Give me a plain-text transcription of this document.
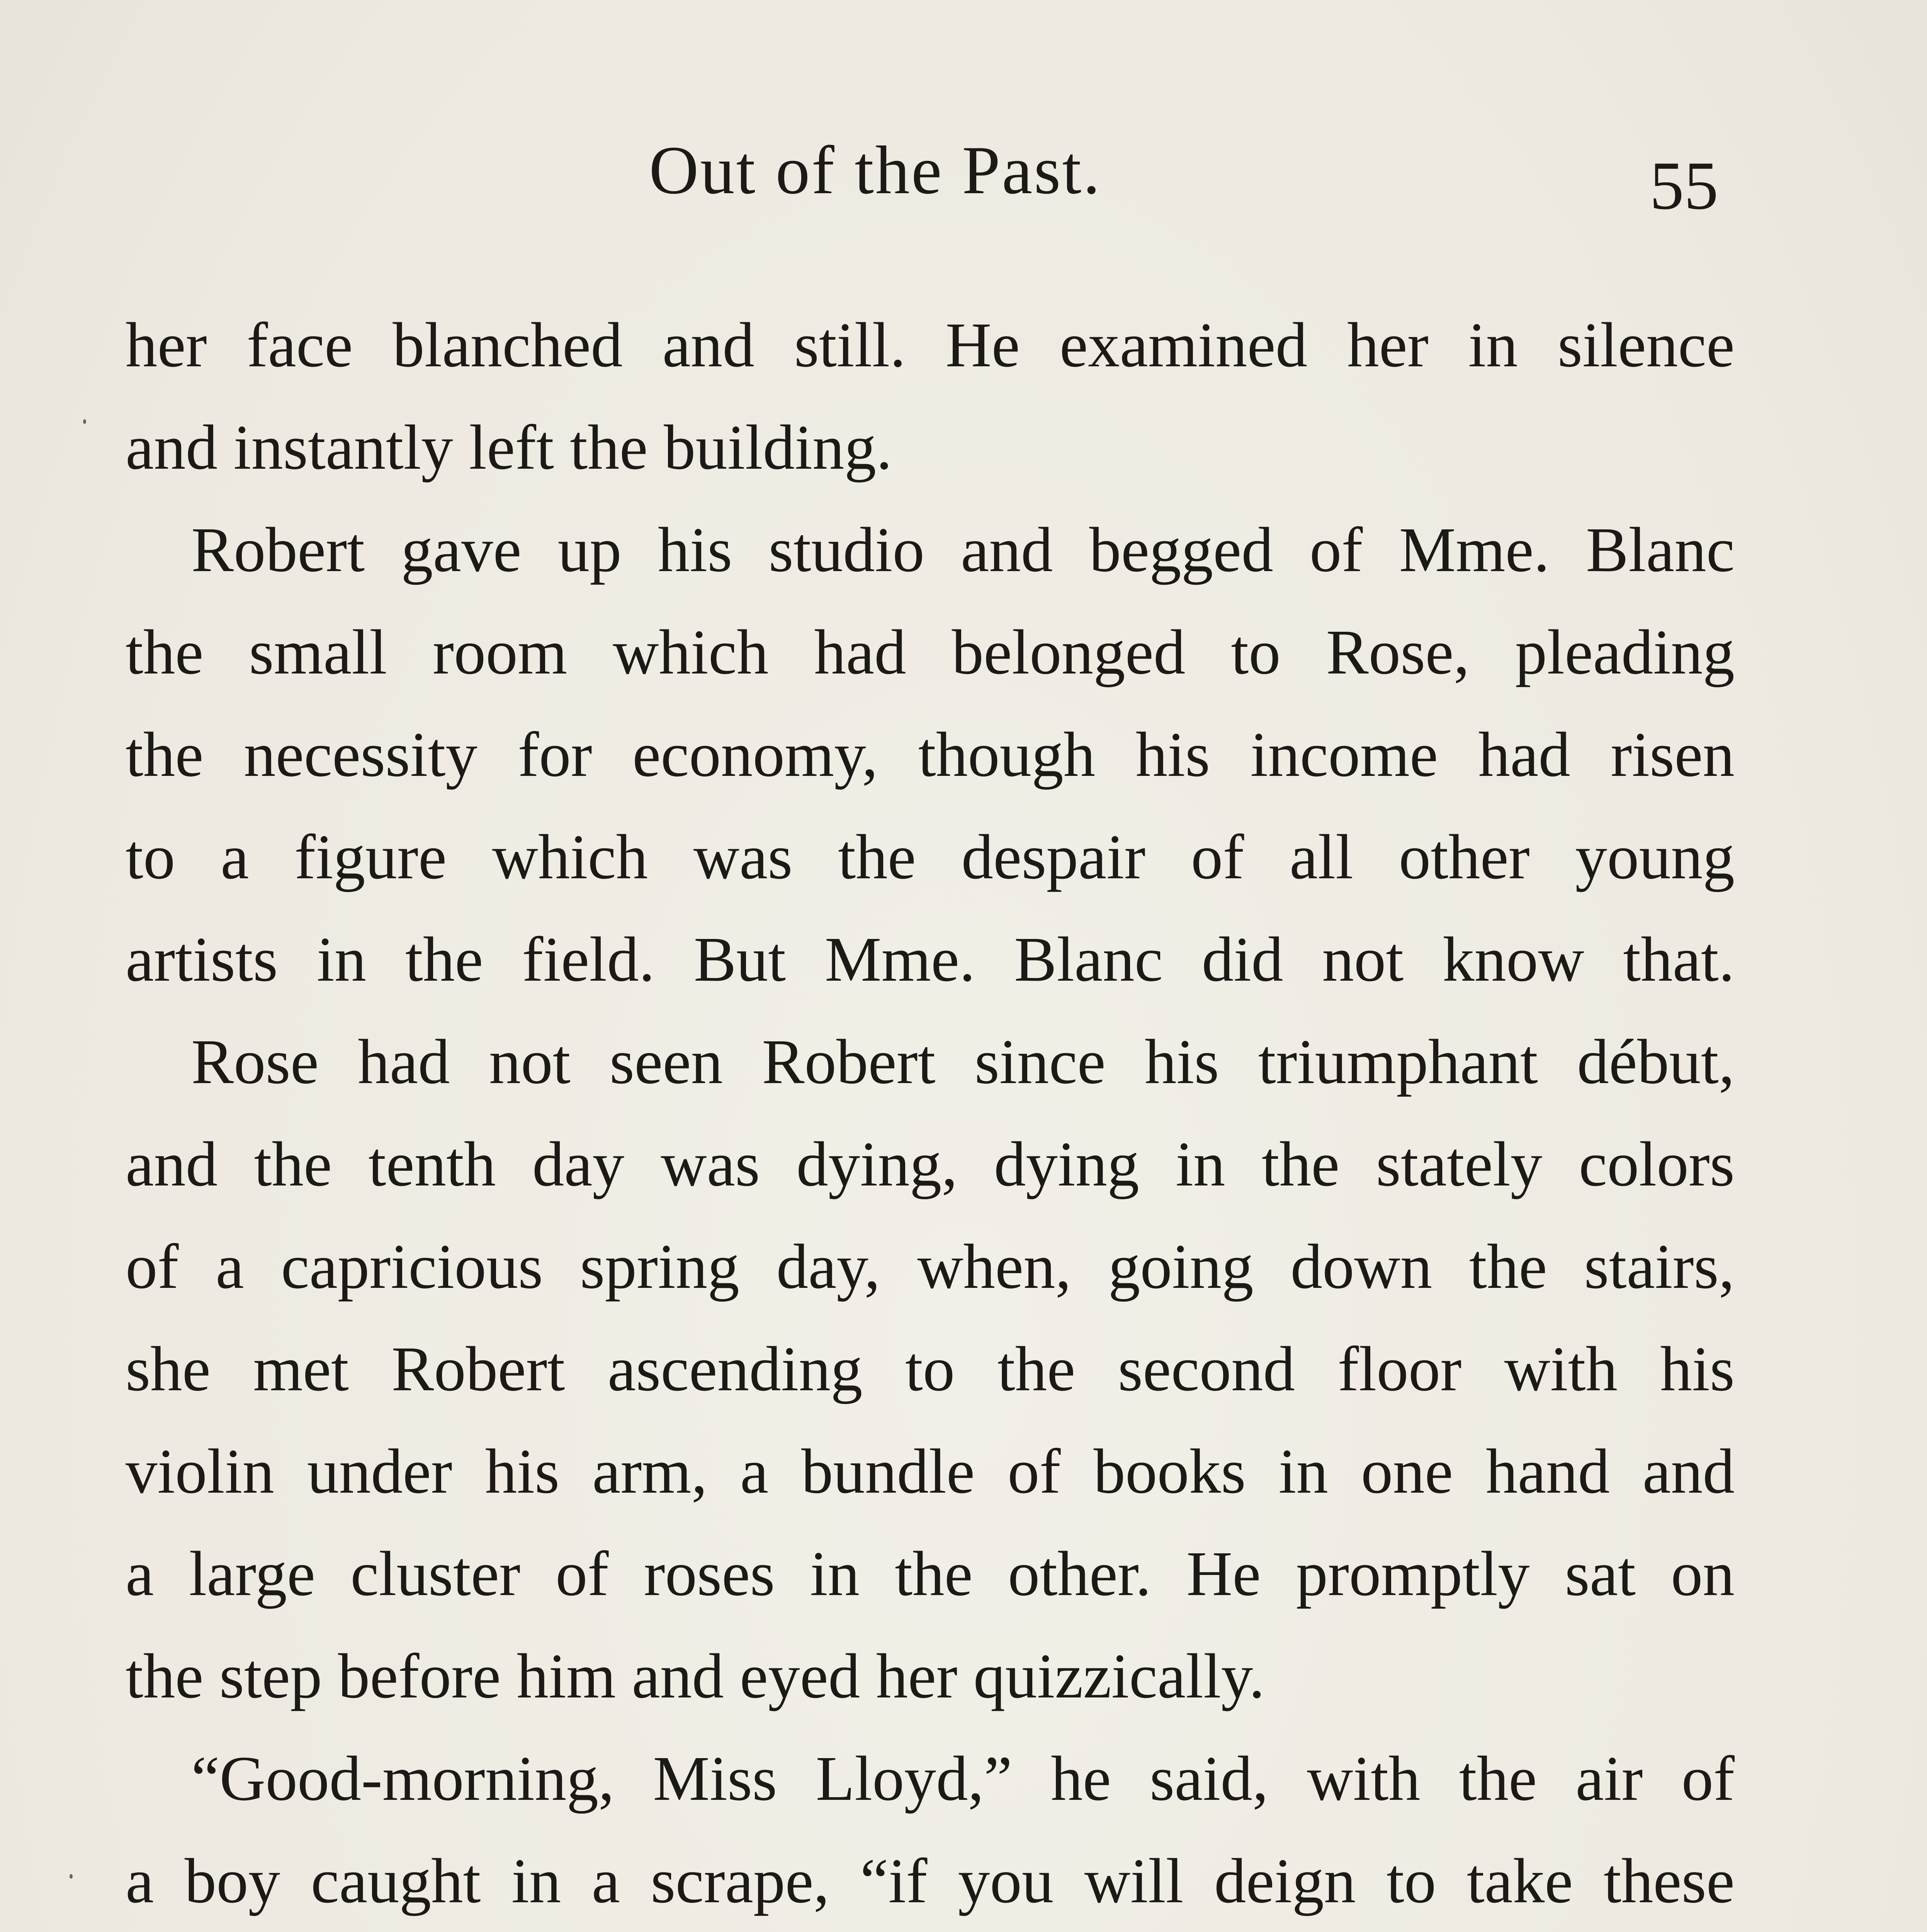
Out of the Past.	55
her face blanched and still. He examined her in silence
and instantly left the building.
Robert gave up his studio and begged of Mme. Blanc
the small room which had belonged to Rose, pleading
the necessity for economy, though his income had risen
to a figure which was the despair of all other young
artists in the field. But Mme. Blanc did not know that.
Rose had not seen Robert since his triumphant début,
and the tenth day was dying, dying in the stately colors
of a capricious spring day, when, going down the stairs,
she met Robert ascending to the second floor with his
violin under his arm, a bundle of books in one hand and
a large cluster of roses in the other. He promptly sat on
the step before him and eyed her quizzically.
“Good-morning, Miss Lloyd,” he said, with the air of
a boy caught in a scrape, “if you will deign to take these
